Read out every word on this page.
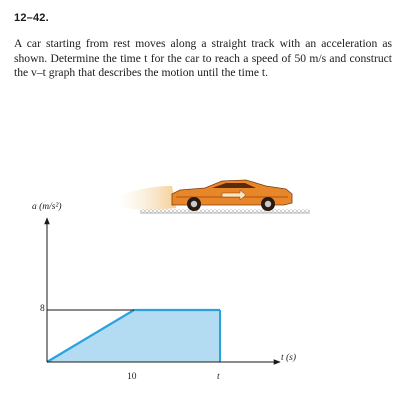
12–42.

A car starting from rest moves along a straight track with an acceleration as shown. Determine the time t for the car to reach a speed of 50 m/s and construct the v–t graph that describes the motion until the time t.

a (m/s²)
t (s)
8
10	t
